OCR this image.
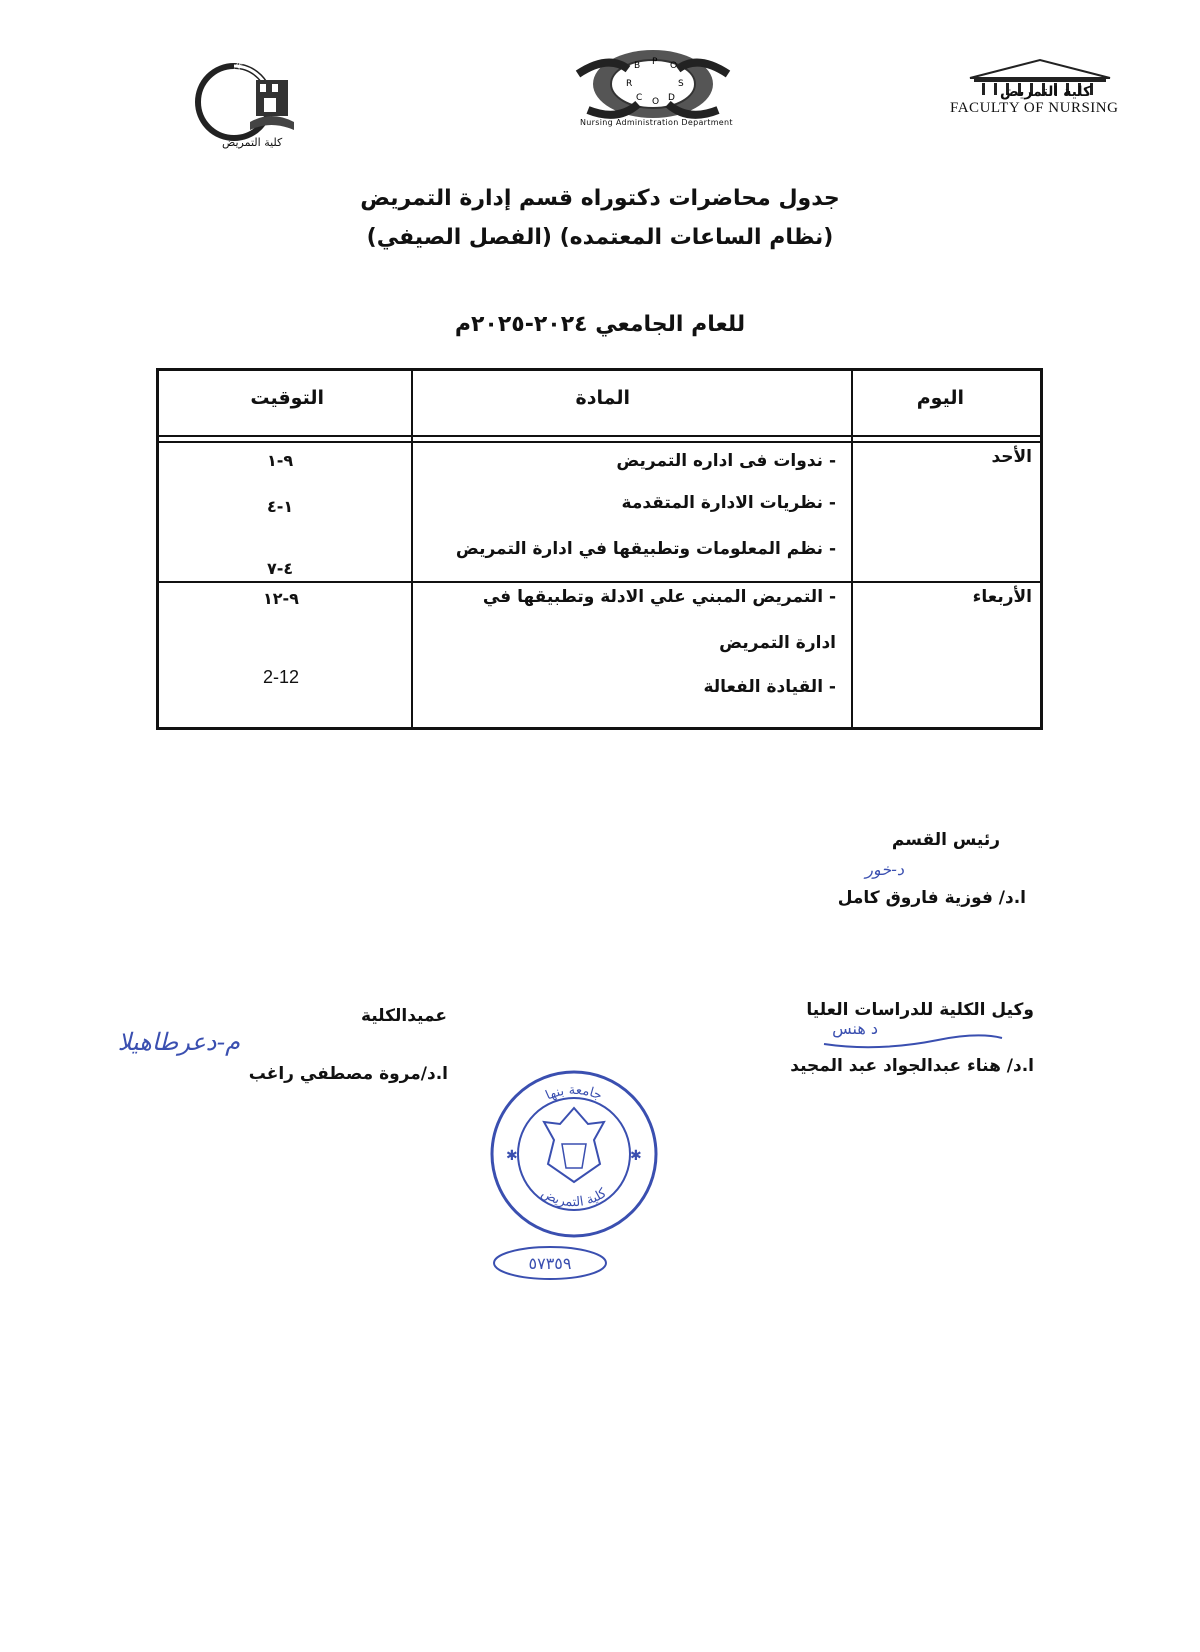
FACULTY OF NURSING
كلية التمريض
B P O
R	S
C O D
Nursing Administration Department
كلية التمريض
FACULTY OF NURSING
جدول محاضرات دكتوراه قسم إدارة التمريض
(نظام الساعات المعتمده) (الفصل الصيفي)
للعام الجامعي ٢٠٢٤-٢٠٢٥م
اليوم
المادة
التوقيت
الأحد
- ندوات فى اداره التمريض
- نظريات الادارة المتقدمة
- نظم المعلومات وتطبيقها في ادارة التمريض
٩-١
١-٤
٤-٧
الأربعاء
- التمريض المبني علي الادلة وتطبيقها في
ادارة التمريض
- القيادة الفعالة
٩-١٢
2-12
رئيس القسم
د-خور
ا.د/ فوزية فاروق كامل
وكيل الكلية للدراسات العليا
د هنس
ا.د/ هناء عبدالجواد عبد المجيد
عميدالكلية
م-دعرطاهيلا
ا.د/مروة مصطفي راغب
جامعة بنها
كلية التمريض
✱	✱
٥٧٣٥٩
